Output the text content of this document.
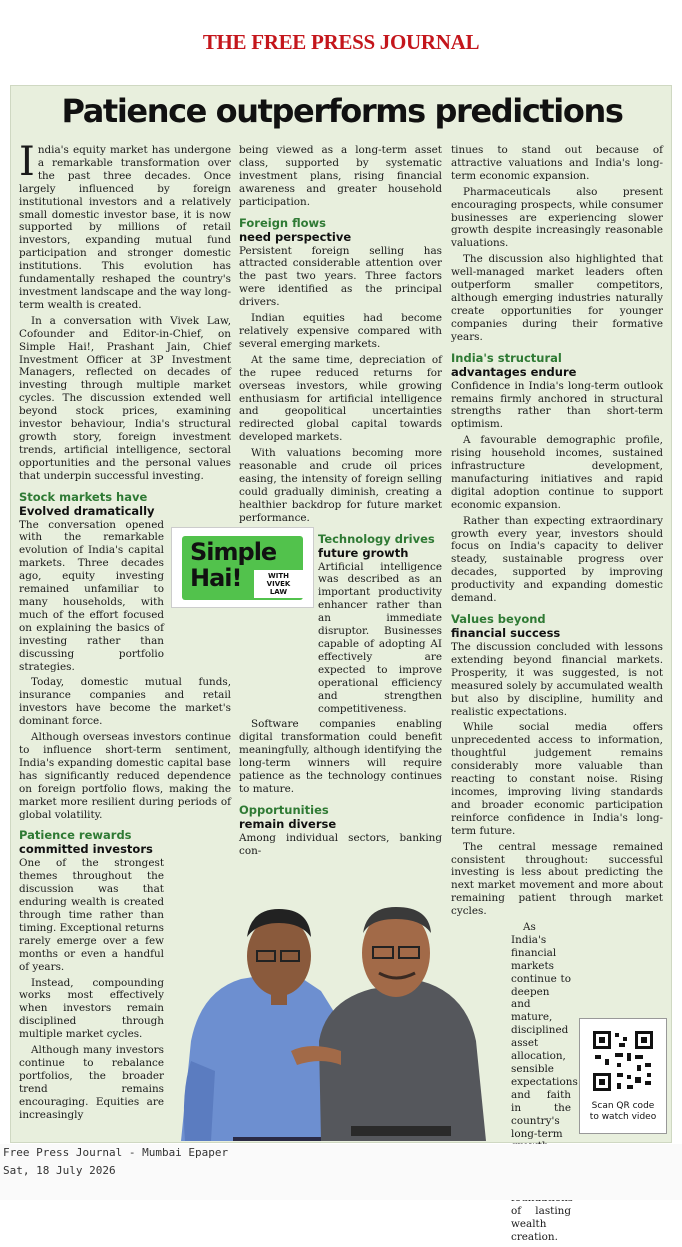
THE FREE PRESS JOURNAL
Patience outperforms predictions

India's equity market has undergone a remarkable transformation over the past three decades. Once largely influenced by foreign institutional investors and a relatively small domestic investor base, it is now supported by millions of retail investors, expanding mutual fund participation and stronger domestic institutions. This evolution has fundamentally reshaped the country's investment landscape and the way long-term wealth is created.

In a conversation with Vivek Law, Cofounder and Editor-in-Chief, on Simple Hai!, Prashant Jain, Chief Investment Officer at 3P Investment Managers, reflected on decades of investing through multiple market cycles. The discussion extended well beyond stock prices, examining investor behaviour, India's structural growth story, foreign investment trends, artificial intelligence, sectoral opportunities and the personal values that underpin successful investing.

Stock markets have
Evolved dramatically

The conversation opened with the remarkable evolution of India's capital markets. Three decades ago, equity investing remained unfamiliar to many households, with much of the effort focused on explaining the basics of investing rather than discussing portfolio strategies.

Today, domestic mutual funds, insurance companies and retail investors have become the market's dominant force.

Although overseas investors continue to influence short-term sentiment, India's expanding domestic capital base has significantly reduced dependence on foreign portfolio flows, making the market more resilient during periods of global volatility.

Patience rewards
committed investors

One of the strongest themes throughout the discussion was that enduring wealth is created through time rather than timing. Exceptional returns rarely emerge over a few months or even a handful of years.

Instead, compounding works most effectively when investors remain disciplined through multiple market cycles.

Although many investors continue to rebalance portfolios, the broader trend remains encouraging. Equities are increasingly

being viewed as a long-term asset class, supported by systematic investment plans, rising financial awareness and greater household participation.

Foreign flows
need perspective

Persistent foreign selling has attracted considerable attention over the past two years. Three factors were identified as the principal drivers.

Indian equities had become relatively expensive compared with several emerging markets.

At the same time, depreciation of the rupee reduced returns for overseas investors, while growing enthusiasm for artificial intelligence and geopolitical uncertainties redirected global capital towards developed markets.

With valuations becoming more reasonable and crude oil prices easing, the intensity of foreign selling could gradually diminish, creating a healthier backdrop for future market performance.

Technology drives
future growth

Artificial intelligence was described as an important productivity enhancer rather than an immediate disruptor. Businesses capable of adopting AI effectively are expected to improve operational efficiency and strengthen competitiveness.

Software companies enabling digital transformation could benefit meaningfully, although identifying the long-term winners will require patience as the technology continues to mature.

Opportunities
remain diverse

Among individual sectors, banking con-

tinues to stand out because of attractive valuations and India's long-term economic expansion.

Pharmaceuticals also present encouraging prospects, while consumer businesses are experiencing slower growth despite increasingly reasonable valuations.

The discussion also highlighted that well-managed market leaders often outperform smaller competitors, although emerging industries naturally create opportunities for younger companies during their formative years.

India's structural
advantages endure

Confidence in India's long-term outlook remains firmly anchored in structural strengths rather than short-term optimism.

A favourable demographic profile, rising household incomes, sustained infrastructure development, manufacturing initiatives and rapid digital adoption continue to support economic expansion.

Rather than expecting extraordinary growth every year, investors should focus on India's capacity to deliver steady, sustainable progress over decades, supported by improving productivity and expanding domestic demand.

Values beyond
financial success

The discussion concluded with lessons extending beyond financial markets. Prosperity, it was suggested, is not measured solely by accumulated wealth but also by discipline, humility and realistic expectations.

While social media offers unprecedented access to information, thoughtful judgement remains considerably more valuable than reacting to constant noise. Rising incomes, improving living standards and broader economic participation reinforce confidence in India's long-term future.

The central message remained consistent throughout: successful investing is less about predicting the next market movement and more about remaining patient through market cycles.

As India's financial markets continue to deepen and mature, disciplined asset allocation, sensible expectations and faith in the country's long-term of lasting wealth creation.

Simple
Hai!	WITH
VIVEK LAW
Scan QR code
to watch video
Free Press Journal - Mumbai Epaper
Sat, 18 July 2026
